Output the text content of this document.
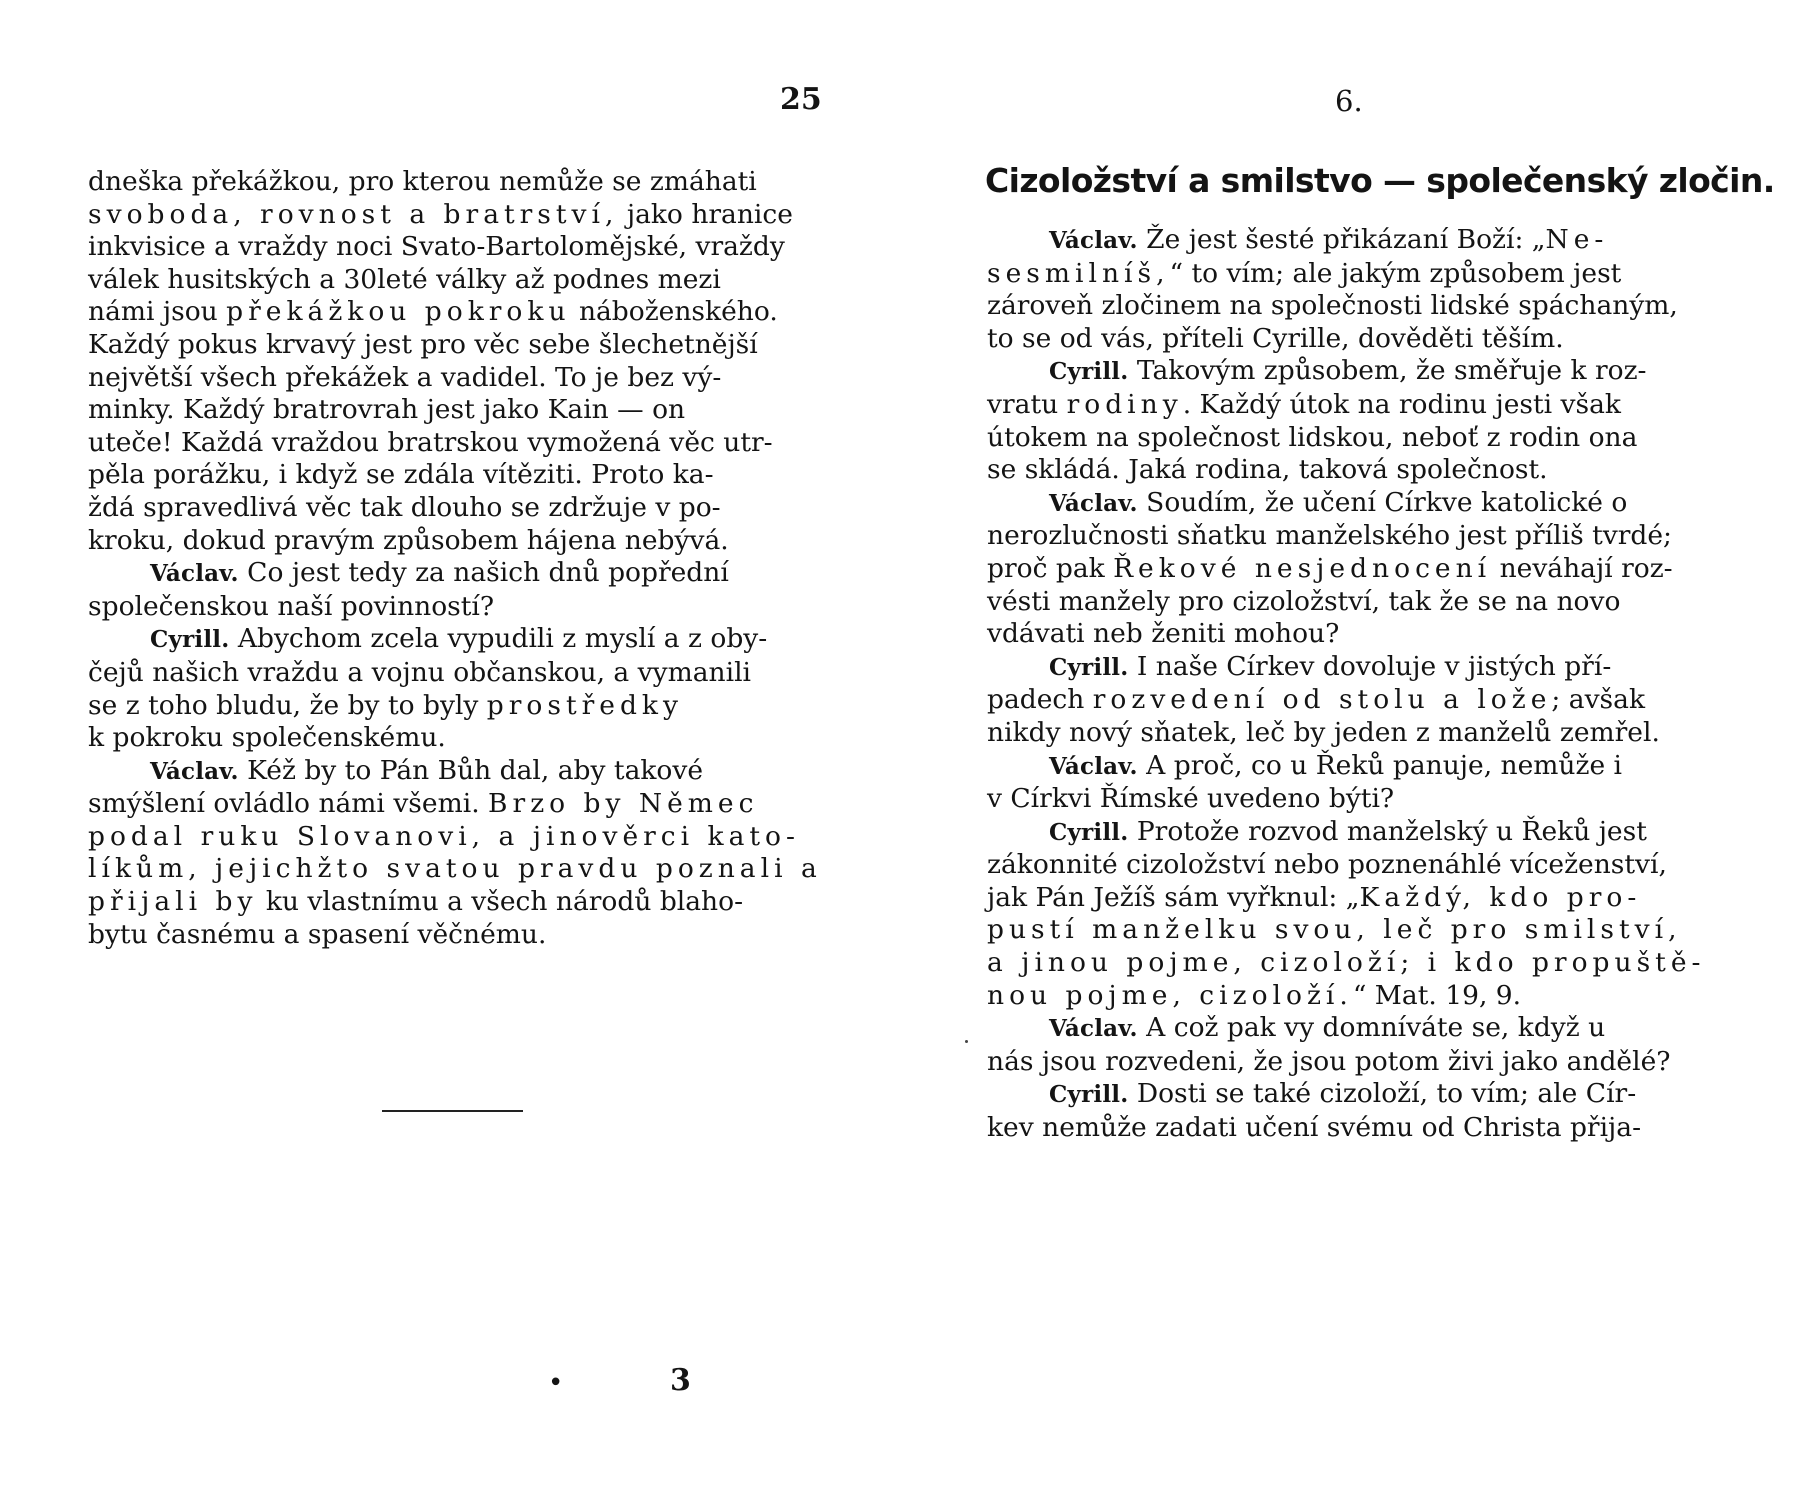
25
dneška překážkou, pro kterou nemůže se zmáhati
svoboda, rovnost a bratrství, jako hranice
inkvisice a vraždy noci Svato-Bartolomějské, vraždy
válek husitských a 30leté války až podnes mezi
námi jsou překážkou pokroku náboženského.
Každý pokus krvavý jest pro věc sebe šlechetnější
největší všech překážek a vadidel. To je bez vý-
minky. Každý bratrovrah jest jako Kain — on
uteče! Každá vraždou bratrskou vymožená věc utr-
pěla porážku, i když se zdála vítěziti. Proto ka-
ždá spravedlivá věc tak dlouho se zdržuje v po-
kroku, dokud pravým způsobem hájena nebývá.
Václav. Co jest tedy za našich dnů popřední
společenskou naší povinností?
Cyrill. Abychom zcela vypudili z myslí a z oby-
čejů našich vraždu a vojnu občanskou, a vymanili
se z toho bludu, že by to byly prostředky
k pokroku společenskému.
Václav. Kéž by to Pán Bůh dal, aby takové
smýšlení ovládlo námi všemi. Brzo by Němec
podal ruku Slovanovi, a jinověrci kato-
líkům, jejichžto svatou pravdu poznali a
přijali by ku vlastnímu a všech národů blaho-
bytu časnému a spasení věčnému.
•	3
6.
Cizoložství a smilstvo — společenský zločin.
Václav. Že jest šesté přikázaní Boží: „Ne-
sesmilníš,“ to vím; ale jakým způsobem jest
zároveň zločinem na společnosti lidské spáchaným,
to se od vás, příteli Cyrille, dověděti těším.
Cyrill. Takovým způsobem, že směřuje k roz-
vratu rodiny. Každý útok na rodinu jesti však
útokem na společnost lidskou, neboť z rodin ona
se skládá. Jaká rodina, taková společnost.
Václav. Soudím, že učení Církve katolické o
nerozlučnosti sňatku manželského jest příliš tvrdé;
proč pak Řekové nesjednocení neváhají roz-
vésti manžely pro cizoložství, tak že se na novo
vdávati neb ženiti mohou?
Cyrill. I naše Církev dovoluje v jistých pří-
padech rozvedení od stolu a lože; avšak
nikdy nový sňatek, leč by jeden z manželů zemřel.
Václav. A proč, co u Řeků panuje, nemůže i
v Církvi Římské uvedeno býti?
Cyrill. Protože rozvod manželský u Řeků jest
zákonnité cizoložství nebo poznenáhlé víceženství,
jak Pán Ježíš sám vyřknul: „Každý, kdo pro-
pustí manželku svou, leč pro smilství,
a jinou pojme, cizoloží; i kdo propuště-
nou pojme, cizoloží.“ Mat. 19, 9.
Václav. A což pak vy domníváte se, když u
nás jsou rozvedeni, že jsou potom živi jako andělé?
Cyrill. Dosti se také cizoloží, to vím; ale Cír-
kev nemůže zadati učení svému od Christa přija-
